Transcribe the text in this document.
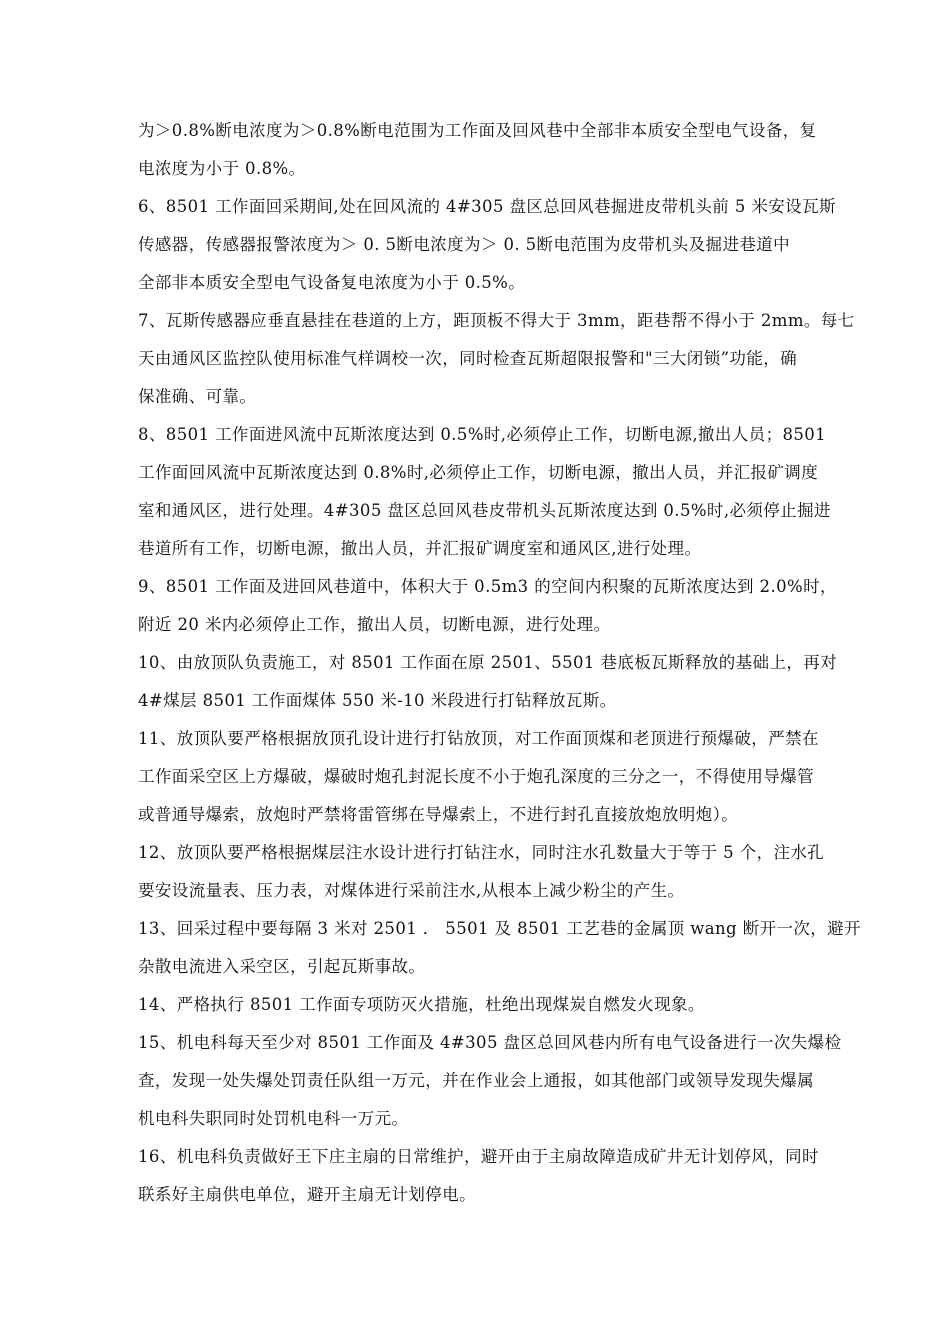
为＞0.8%断电浓度为＞0.8%断电范围为工作面及回风巷中全部非本质安全型电气设备，复
电浓度为小于 0.8%。
6、8501 工作面回采期间,处在回风流的 4#305 盘区总回风巷掘进皮带机头前 5 米安设瓦斯
传感器，传感器报警浓度为＞ 0. 5断电浓度为＞ 0. 5断电范围为皮带机头及掘进巷道中
全部非本质安全型电气设备复电浓度为小于 0.5%。
7、瓦斯传感器应垂直悬挂在巷道的上方，距顶板不得大于 3mm，距巷帮不得小于 2mm。每七
天由通风区监控队使用标准气样调校一次，同时检查瓦斯超限报警和"三大闭锁”功能，确
保准确、可靠。
8、8501 工作面进风流中瓦斯浓度达到 0.5%时,必须停止工作，切断电源,撤出人员；8501
工作面回风流中瓦斯浓度达到 0.8%时,必须停止工作，切断电源，撤出人员，并汇报矿调度
室和通风区，进行处理。4#305 盘区总回风巷皮带机头瓦斯浓度达到 0.5%时,必须停止掘进
巷道所有工作，切断电源，撤出人员，并汇报矿调度室和通风区,进行处理。
9、8501 工作面及进回风巷道中，体积大于 0.5m3 的空间内积聚的瓦斯浓度达到 2.0%时，
附近 20 米内必须停止工作，撤出人员，切断电源，进行处理。
10、由放顶队负责施工，对 8501 工作面在原 2501、5501 巷底板瓦斯释放的基础上，再对
4#煤层 8501 工作面煤体 550 米-10 米段进行打钻释放瓦斯。
11、放顶队要严格根据放顶孔设计进行打钻放顶，对工作面顶煤和老顶进行预爆破，严禁在
工作面采空区上方爆破，爆破时炮孔封泥长度不小于炮孔深度的三分之一，不得使用导爆管
或普通导爆索，放炮时严禁将雷管绑在导爆索上，不进行封孔直接放炮放明炮）。
12、放顶队要严格根据煤层注水设计进行打钻注水，同时注水孔数量大于等于 5 个，注水孔
要安设流量表、压力表，对煤体进行采前注水,从根本上减少粉尘的产生。
13、回采过程中要每隔 3 米对 2501 ． 5501 及 8501 工艺巷的金属顶 wang 断开一次，避开
杂散电流进入采空区，引起瓦斯事故。
14、严格执行 8501 工作面专项防灭火措施，杜绝出现煤炭自燃发火现象。
15、机电科每天至少对 8501 工作面及 4#305 盘区总回风巷内所有电气设备进行一次失爆检
查，发现一处失爆处罚责任队组一万元，并在作业会上通报，如其他部门或领导发现失爆属
机电科失职同时处罚机电科一万元。
16、机电科负责做好王下庄主扇的日常维护，避开由于主扇故障造成矿井无计划停风，同时
联系好主扇供电单位，避开主扇无计划停电。
